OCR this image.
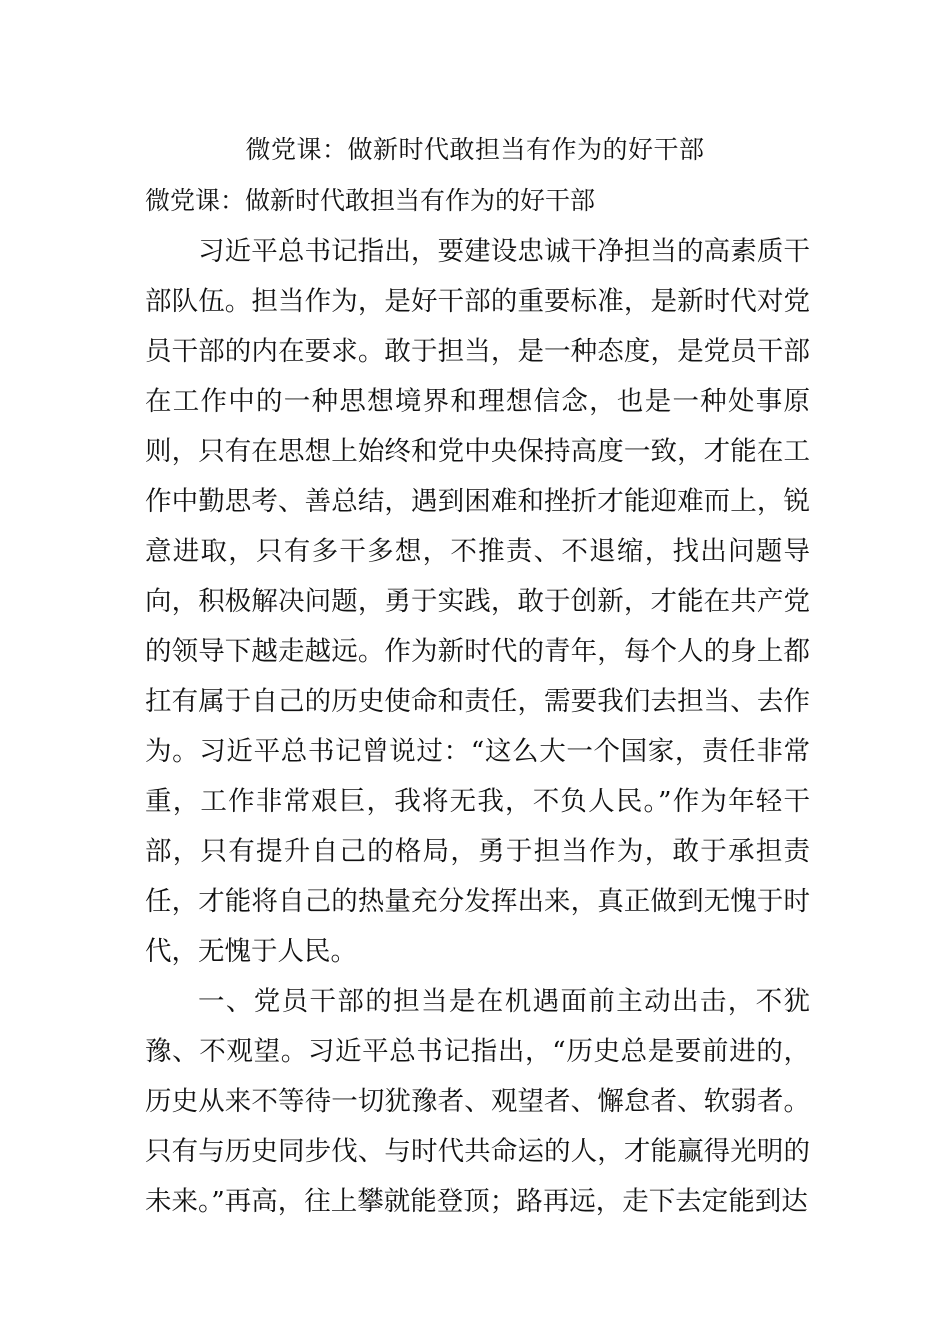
微党课：做新时代敢担当有作为的好干部
微党课：做新时代敢担当有作为的好干部

习近平总书记指出，要建设忠诚干净担当的高素质干部队伍。担当作为，是好干部的重要标准，是新时代对党员干部的内在要求。敢于担当，是一种态度，是党员干部在工作中的一种思想境界和理想信念，也是一种处事原则，只有在思想上始终和党中央保持高度一致，才能在工作中勤思考、善总结，遇到困难和挫折才能迎难而上，锐意进取，只有多干多想，不推责、不退缩，找出问题导向，积极解决问题，勇于实践，敢于创新，才能在共产党的领导下越走越远。作为新时代的青年，每个人的身上都扛有属于自己的历史使命和责任，需要我们去担当、去作为。习近平总书记曾说过：“这么大一个国家，责任非常重，工作非常艰巨，我将无我，不负人民。”作为年轻干部，只有提升自己的格局，勇于担当作为，敢于承担责任，才能将自己的热量充分发挥出来，真正做到无愧于时代，无愧于人民。

一、党员干部的担当是在机遇面前主动出击，不犹豫、不观望。习近平总书记指出，“历史总是要前进的，历史从来不等待一切犹豫者、观望者、懈怠者、软弱者。只有与历史同步伐、与时代共命运的人，才能赢得光明的未来。”再高，往上攀就能登顶；路再远，走下去定能到达
